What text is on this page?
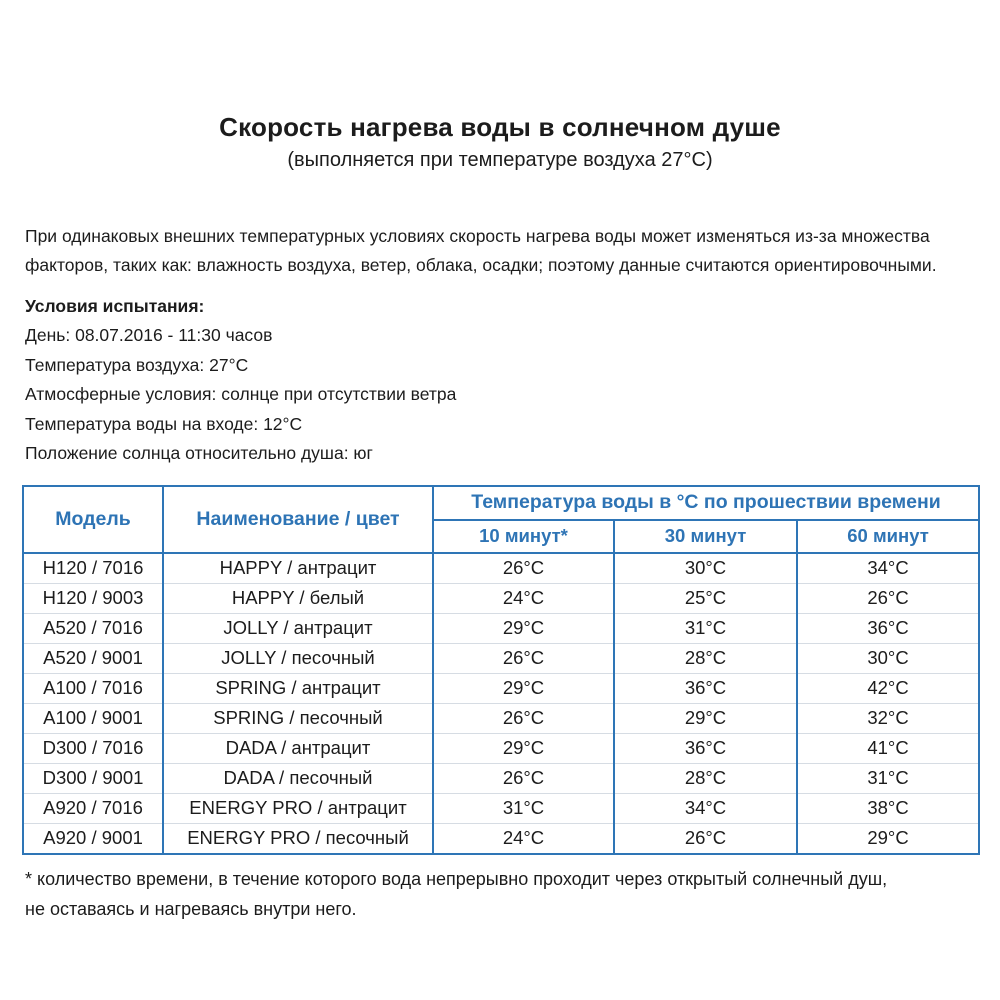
Скорость нагрева воды в солнечном душе
(выполняется при температуре воздуха 27°С)
При одинаковых внешних температурных условиях скорость нагрева воды может изменяться из-за множества
факторов, таких как: влажность воздуха, ветер, облака, осадки; поэтому данные считаются ориентировочными.
Условия испытания:
День: 08.07.2016 - 11:30 часов
Температура воздуха: 27°С
Атмосферные условия: солнце при отсутствии ветра
Температура воды на входе: 12°С
Положение солнца относительно душа: юг
Модель	Наименование / цвет	Температура воды в °С по прошествии времени		
		10 минут*	30 минут	60 минут
H120 / 7016	HAPPY / антрацит	26°С	30°С	34°С
H120 / 9003	HAPPY / белый	24°С	25°С	26°С
A520 / 7016	JOLLY / антрацит	29°С	31°С	36°С
A520 / 9001	JOLLY / песочный	26°С	28°С	30°С
A100 / 7016	SPRING / антрацит	29°С	36°С	42°С
A100 / 9001	SPRING / песочный	26°С	29°С	32°С
D300 / 7016	DADA / антрацит	29°С	36°С	41°С
D300 / 9001	DADA / песочный	26°С	28°С	31°С
A920 / 7016	ENERGY PRO / антрацит	31°С	34°С	38°С
A920 / 9001	ENERGY PRO / песочный	24°С	26°С	29°С
* количество времени, в течение которого вода непрерывно проходит через открытый солнечный душ,
не оставаясь и нагреваясь внутри него.
